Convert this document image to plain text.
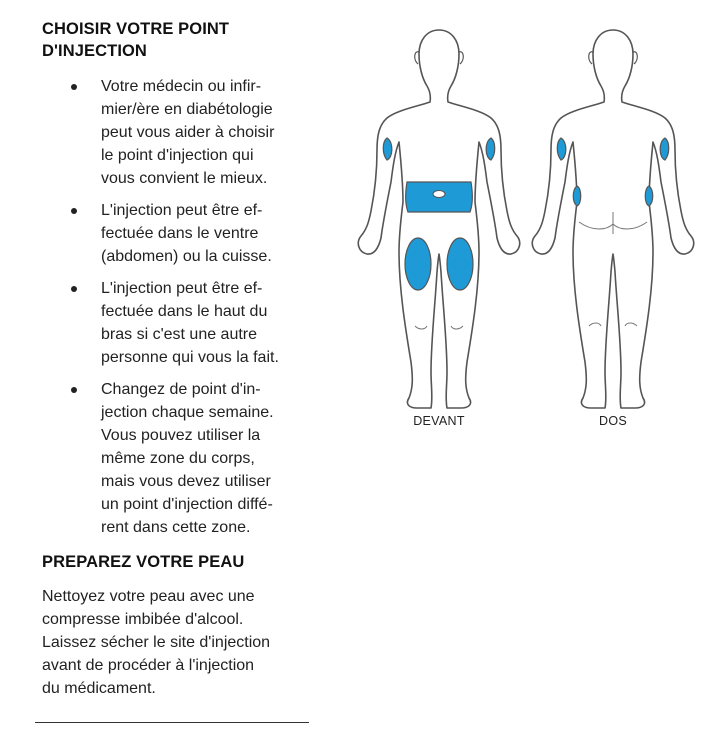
CHOISIR VOTRE POINT
D'INJECTION
Votre médecin ou infir-
mier/ère en diabétologie
peut vous aider à choisir
le point d'injection qui
vous convient le mieux.
L'injection peut être ef-
fectuée dans le ventre
(abdomen) ou la cuisse.
L'injection peut être ef-
fectuée dans le haut du
bras si c'est une autre
personne qui vous la fait.
Changez de point d'in-
jection chaque semaine.
Vous pouvez utiliser la
même zone du corps,
mais vous devez utiliser
un point d'injection diffé-
rent dans cette zone.
PREPAREZ VOTRE PEAU

Nettoyez votre peau avec une
compresse imbibée d'alcool.
Laissez sécher le site d'injection
avant de procéder à l'injection
du médicament.

DEVANT	DOS
